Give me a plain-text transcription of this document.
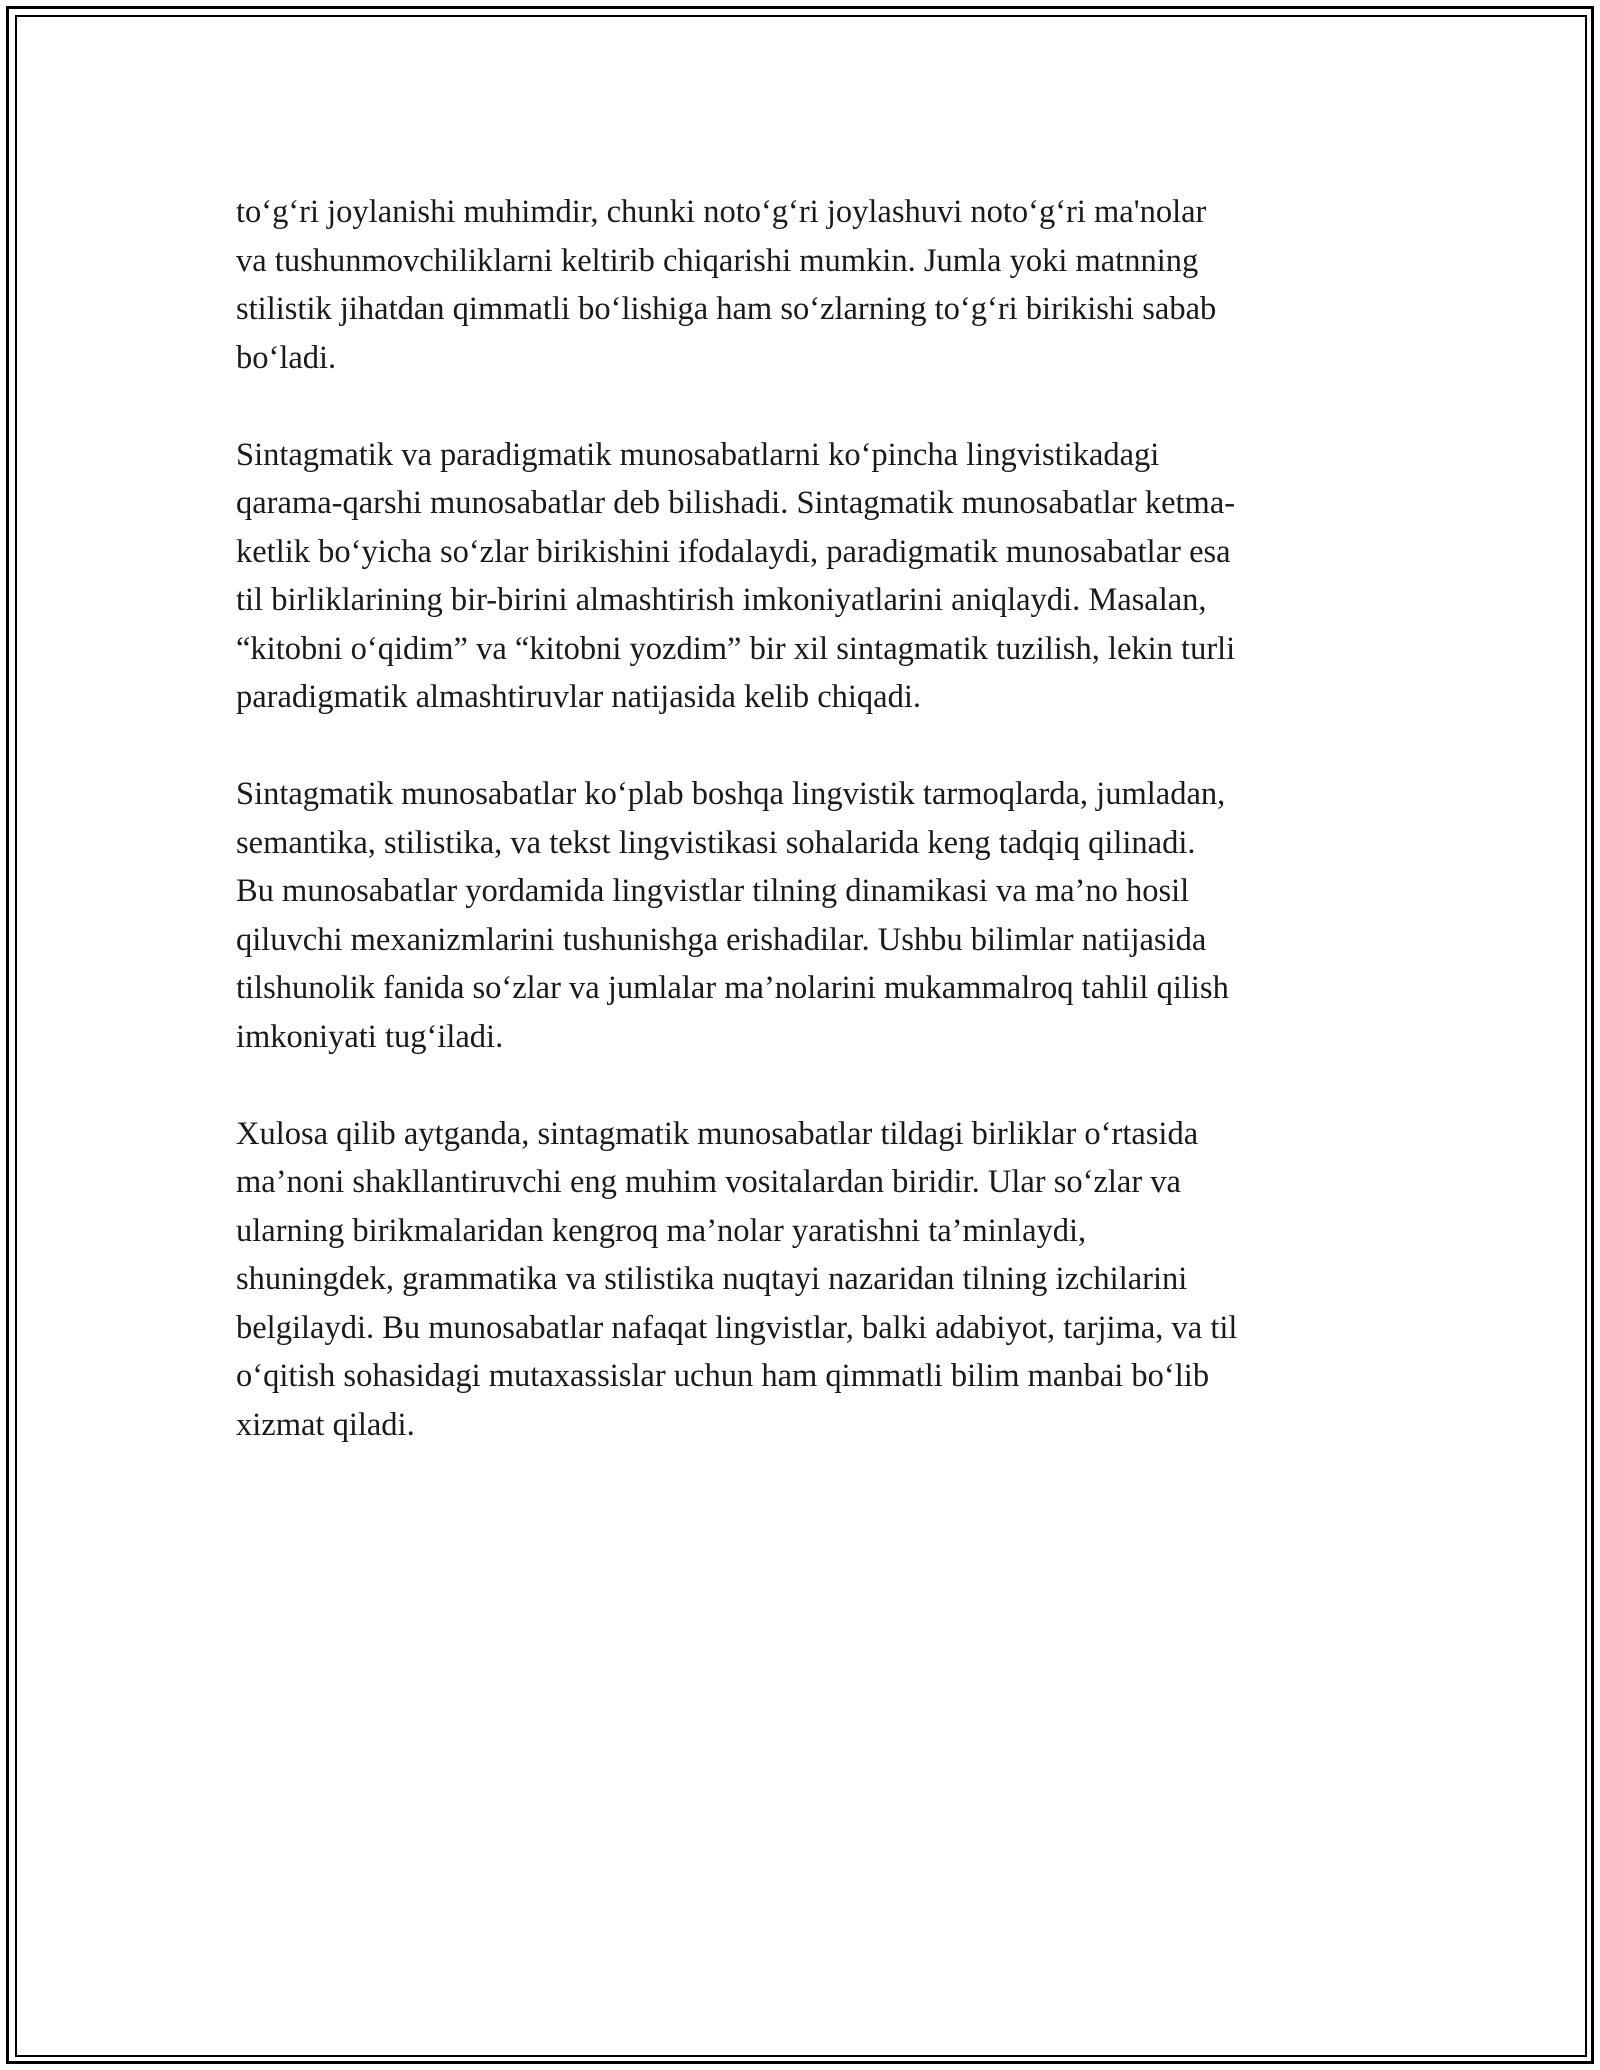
to‘g‘ri joylanishi muhimdir, chunki noto‘g‘ri joylashuvi noto‘g‘ri ma'nolar
va tushunmovchiliklarni keltirib chiqarishi mumkin. Jumla yoki matnning
stilistik jihatdan qimmatli bo‘lishiga ham so‘zlarning to‘g‘ri birikishi sabab
bo‘ladi.

Sintagmatik va paradigmatik munosabatlarni ko‘pincha lingvistikadagi
qarama-qarshi munosabatlar deb bilishadi. Sintagmatik munosabatlar ketma-
ketlik bo‘yicha so‘zlar birikishini ifodalaydi, paradigmatik munosabatlar esa
til birliklarining bir-birini almashtirish imkoniyatlarini aniqlaydi. Masalan,
“kitobni o‘qidim” va “kitobni yozdim” bir xil sintagmatik tuzilish, lekin turli
paradigmatik almashtiruvlar natijasida kelib chiqadi.

Sintagmatik munosabatlar ko‘plab boshqa lingvistik tarmoqlarda, jumladan,
semantika, stilistika, va tekst lingvistikasi sohalarida keng tadqiq qilinadi.
Bu munosabatlar yordamida lingvistlar tilning dinamikasi va ma’no hosil
qiluvchi mexanizmlarini tushunishga erishadilar. Ushbu bilimlar natijasida
tilshunolik fanida so‘zlar va jumlalar ma’nolarini mukammalroq tahlil qilish
imkoniyati tug‘iladi.

Xulosa qilib aytganda, sintagmatik munosabatlar tildagi birliklar o‘rtasida
ma’noni shakllantiruvchi eng muhim vositalardan biridir. Ular so‘zlar va
ularning birikmalaridan kengroq ma’nolar yaratishni ta’minlaydi,
shuningdek, grammatika va stilistika nuqtayi nazaridan tilning izchilarini
belgilaydi. Bu munosabatlar nafaqat lingvistlar, balki adabiyot, tarjima, va til
o‘qitish sohasidagi mutaxassislar uchun ham qimmatli bilim manbai bo‘lib
xizmat qiladi.
